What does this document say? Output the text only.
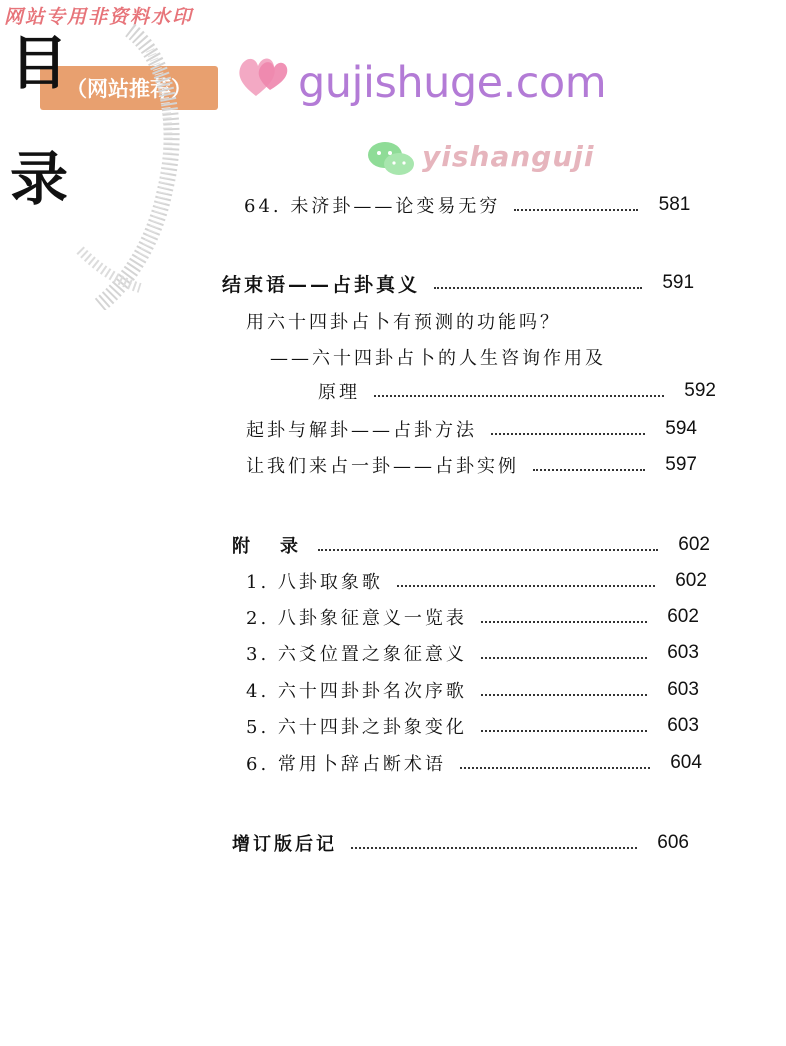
网站专用非资料水印
（网站推荐）	gujishuge.com
yishanguji
目
录	64. 未济卦——论变易无穷	581
结束语——占卦真义	591
用六十四卦占卜有预测的功能吗？
——六十四卦占卜的人生咨询作用及
原理	592
起卦与解卦——占卦方法	594
让我们来占一卦——占卦实例	597
附　录	602
1. 八卦取象歌	602
2. 八卦象征意义一览表	602
3. 六爻位置之象征意义	603
4. 六十四卦卦名次序歌	603
5. 六十四卦之卦象变化	603
6. 常用卜辞占断术语	604
增订版后记	606
